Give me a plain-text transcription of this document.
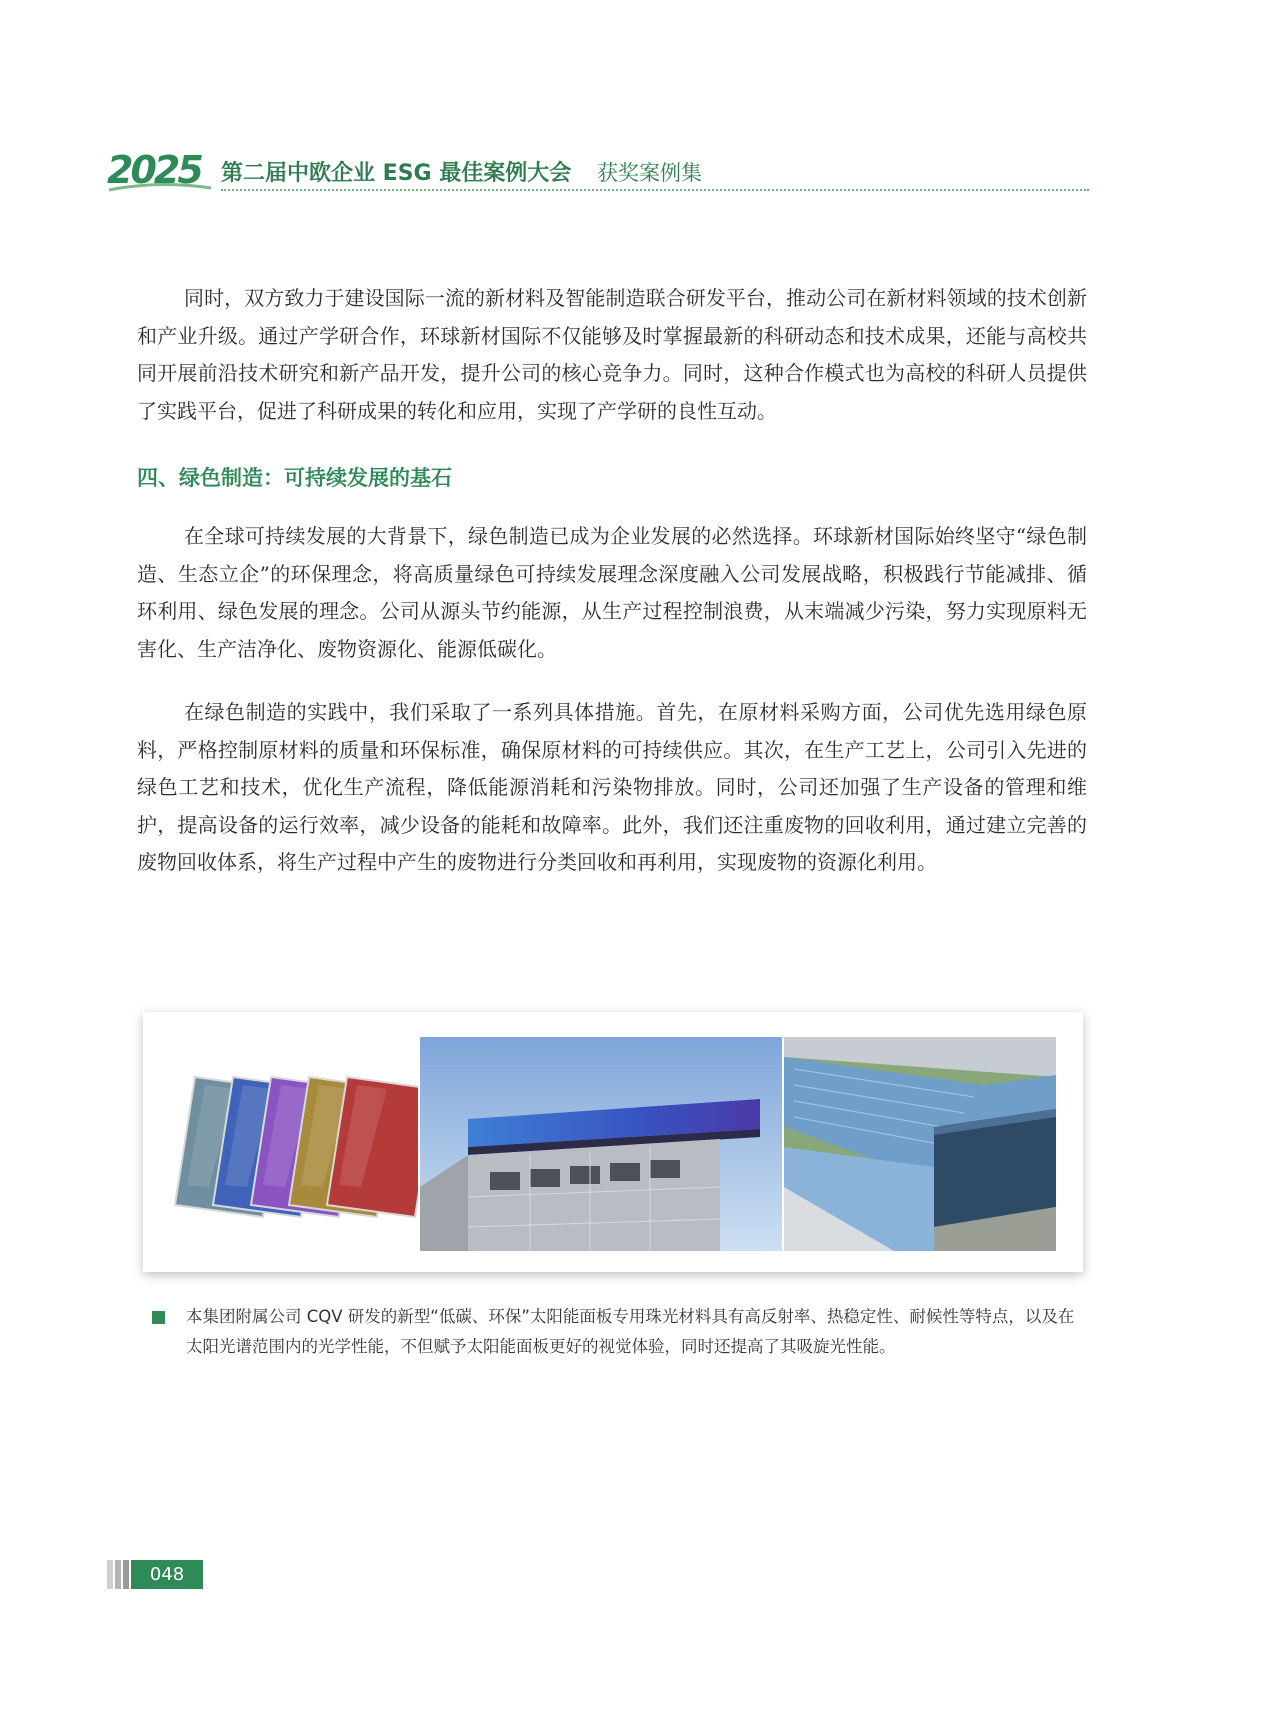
2025 第二届中欧企业 ESG 最佳案例大会 获奖案例集

同时，双方致力于建设国际一流的新材料及智能制造联合研发平台，推动公司在新材料领域的技术创新和产业升级。通过产学研合作，环球新材国际不仅能够及时掌握最新的科研动态和技术成果，还能与高校共同开展前沿技术研究和新产品开发，提升公司的核心竞争力。同时，这种合作模式也为高校的科研人员提供了实践平台，促进了科研成果的转化和应用，实现了产学研的良性互动。

四、绿色制造：可持续发展的基石

在全球可持续发展的大背景下，绿色制造已成为企业发展的必然选择。环球新材国际始终坚守“绿色制造、生态立企”的环保理念，将高质量绿色可持续发展理念深度融入公司发展战略，积极践行节能减排、循环利用、绿色发展的理念。公司从源头节约能源，从生产过程控制浪费，从末端减少污染，努力实现原料无害化、生产洁净化、废物资源化、能源低碳化。

在绿色制造的实践中，我们采取了一系列具体措施。首先，在原材料采购方面，公司优先选用绿色原料，严格控制原材料的质量和环保标准，确保原材料的可持续供应。其次，在生产工艺上，公司引入先进的绿色工艺和技术，优化生产流程，降低能源消耗和污染物排放。同时，公司还加强了生产设备的管理和维护，提高设备的运行效率，减少设备的能耗和故障率。此外，我们还注重废物的回收利用，通过建立完善的废物回收体系，将生产过程中产生的废物进行分类回收和再利用，实现废物的资源化利用。

本集团附属公司 CQV 研发的新型“低碳、环保”太阳能面板专用珠光材料具有高反射率、热稳定性、耐候性等特点，以及在太阳光谱范围内的光学性能，不但赋予太阳能面板更好的视觉体验，同时还提高了其吸旋光性能。

048
